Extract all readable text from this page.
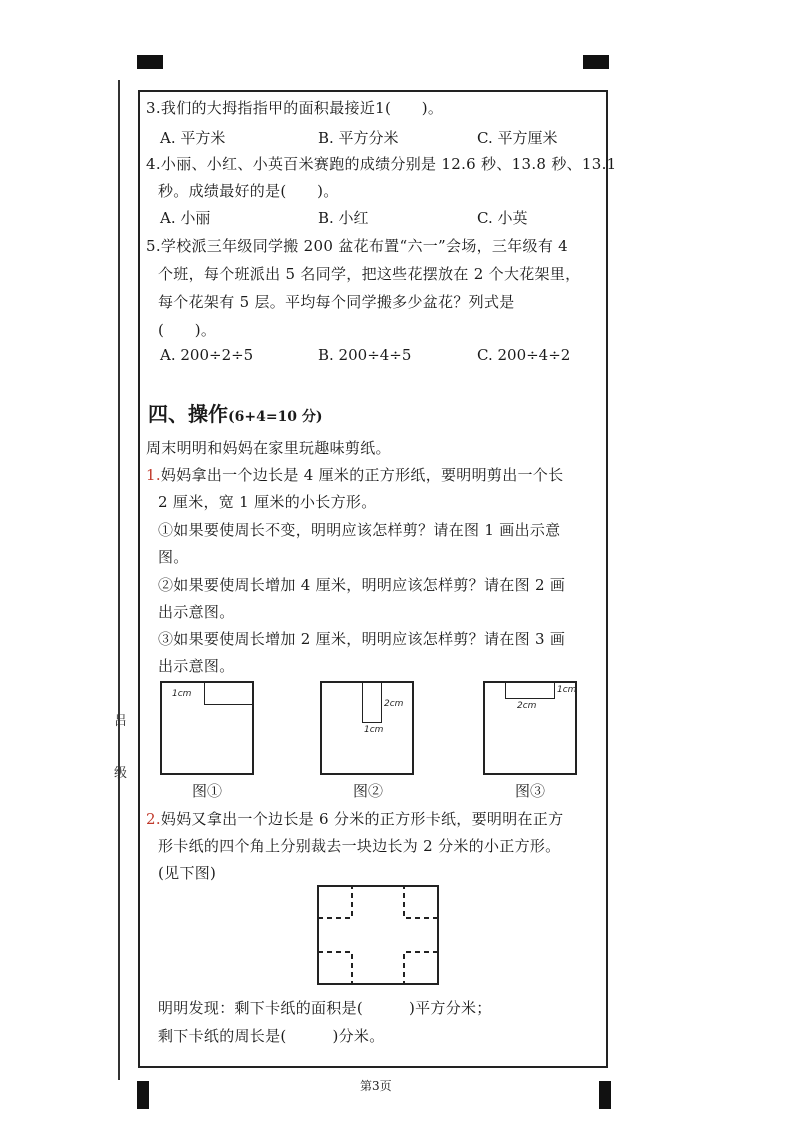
吕
级
3.我们的大拇指指甲的面积最接近1(　　)。
A. 平方米	B. 平方分米	C. 平方厘米
4.小丽、小红、小英百米赛跑的成绩分别是 12.6 秒、13.8 秒、13.1
秒。成绩最好的是(　　)。
A. 小丽	B. 小红	C. 小英
5.学校派三年级同学搬 200 盆花布置“六一”会场，三年级有 4
个班，每个班派出 5 名同学，把这些花摆放在 2 个大花架里，
每个花架有 5 层。平均每个同学搬多少盆花？列式是
(　　)。
A. 200÷2÷5	B. 200÷4÷5	C. 200÷4÷2
四、操作(6+4=10 分)
周末明明和妈妈在家里玩趣味剪纸。
1.妈妈拿出一个边长是 4 厘米的正方形纸，要明明剪出一个长
2 厘米，宽 1 厘米的小长方形。
①如果要使周长不变，明明应该怎样剪？请在图 1 画出示意
图。
②如果要使周长增加 4 厘米，明明应该怎样剪？请在图 2 画
出示意图。
③如果要使周长增加 2 厘米，明明应该怎样剪？请在图 3 画
出示意图。
1cm
图①
2cm
1cm
图②
1cm
2cm
图③
2.妈妈又拿出一个边长是 6 分米的正方形卡纸，要明明在正方
形卡纸的四个角上分别裁去一块边长为 2 分米的小正方形。
(见下图)
明明发现：剩下卡纸的面积是(　　　)平方分米；
剩下卡纸的周长是(　　　)分米。
第3页
